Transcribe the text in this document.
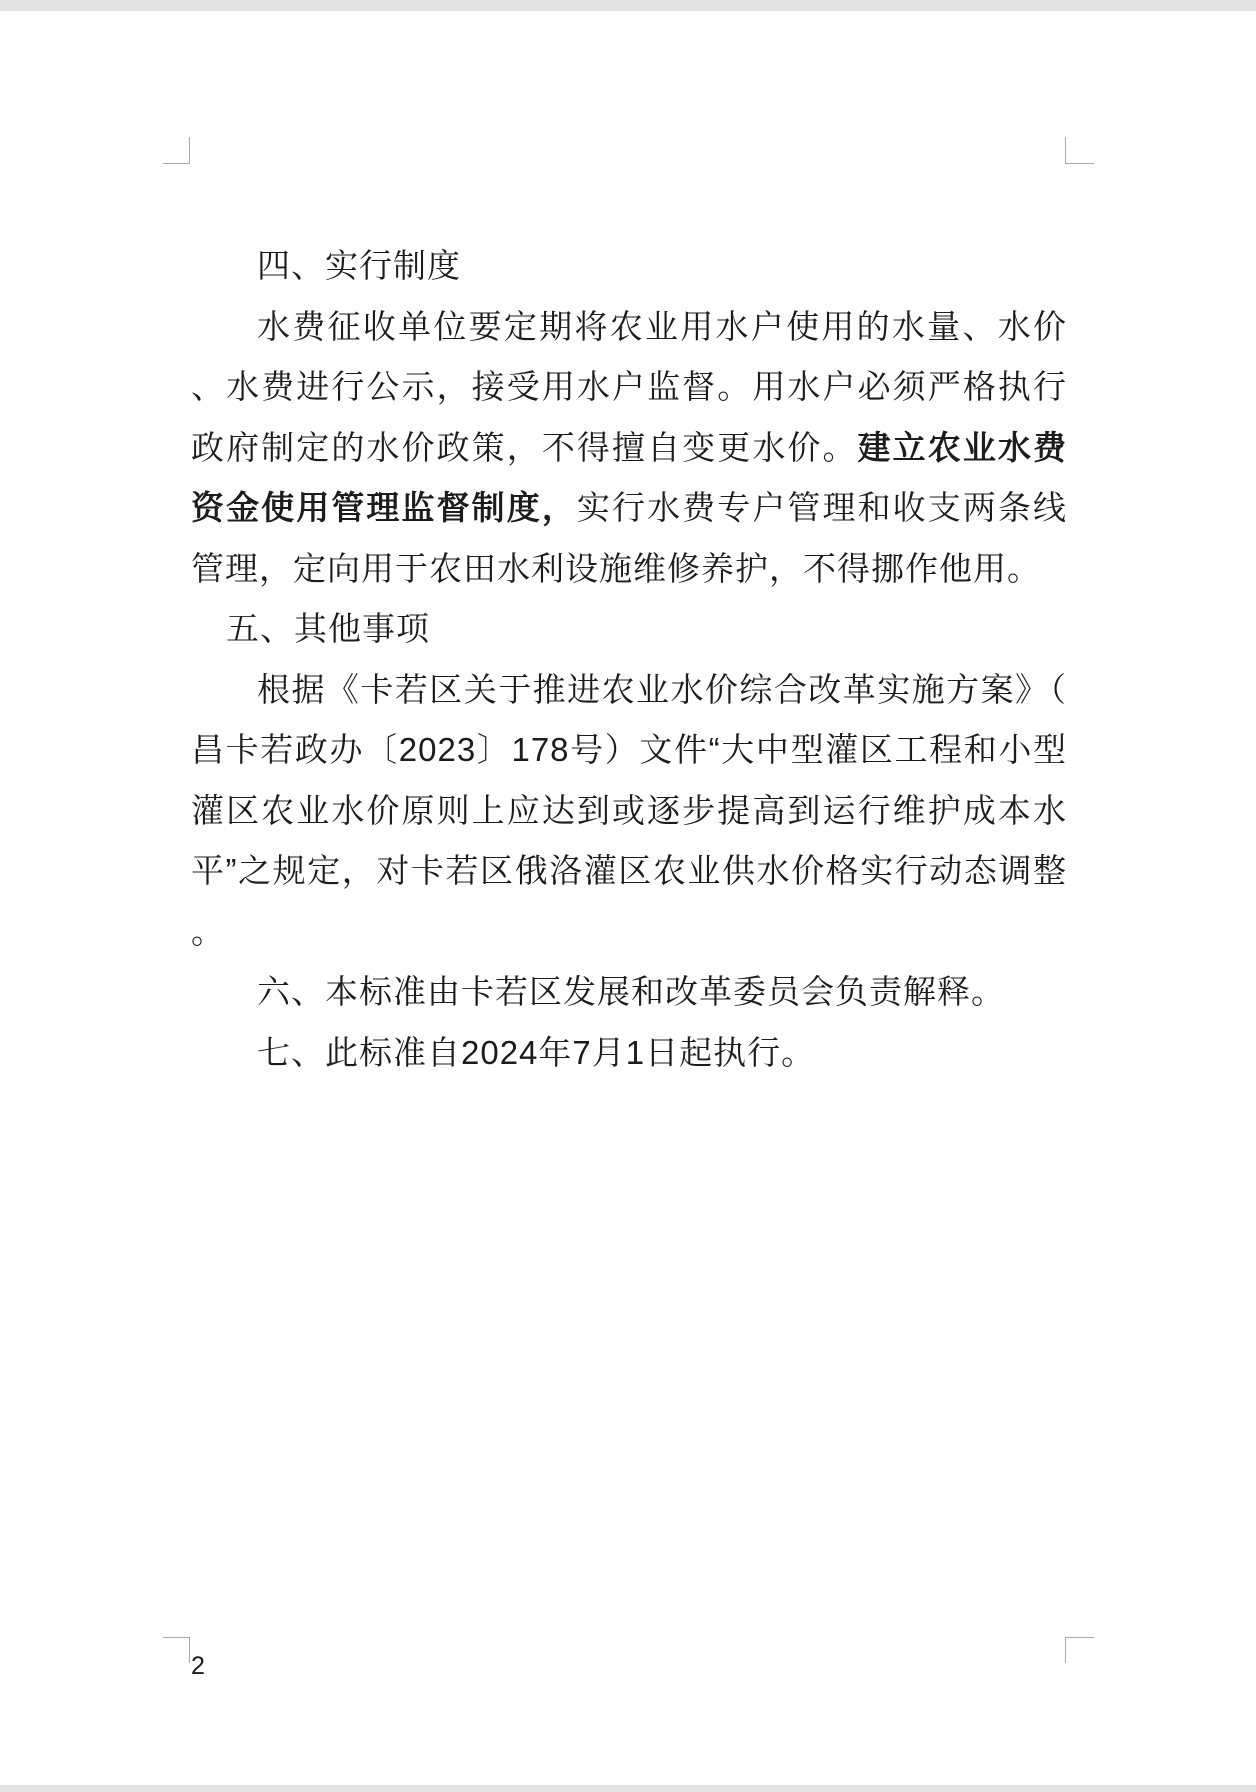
四、实行制度
水费征收单位要定期将农业用水户使用的水量、水价
、水费进行公示，接受用水户监督。用水户必须严格执行
政府制定的水价政策，不得擅自变更水价。建立农业水费
资金使用管理监督制度，实行水费专户管理和收支两条线
管理，定向用于农田水利设施维修养护，不得挪作他用。
五、其他事项
根据《卡若区关于推进农业水价综合改革实施方案》（
昌卡若政办〔2023〕178号）文件“大中型灌区工程和小型
灌区农业水价原则上应达到或逐步提高到运行维护成本水
平”之规定，对卡若区俄洛灌区农业供水价格实行动态调整
。
六、本标准由卡若区发展和改革委员会负责解释。
七、此标准自2024年7月1日起执行。
2
